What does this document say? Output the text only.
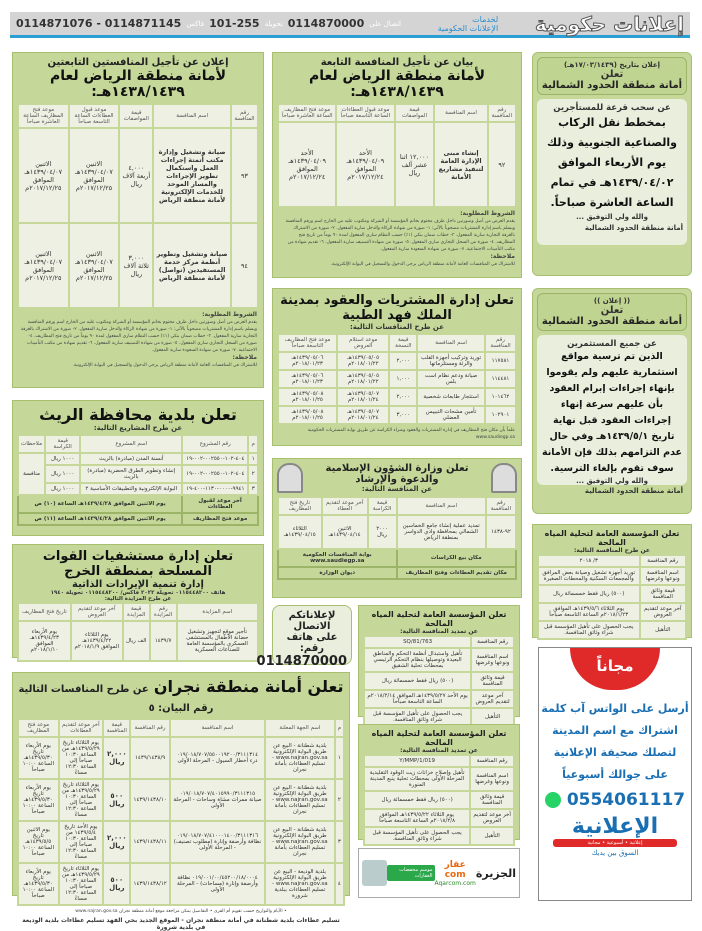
إعلانات حكومية
لخدمات
الإعلانات الحكومية
0114871076 - 0114871145 فاكس 101-255 تحويلة 0114870000 اتصال على
إعلان بتاريخ (١٧/٠٣/١٤٣٩هـ)
تعلن
أمانة منطقة الحدود الشمالية
عن سحب قرعة للمستأجرين
بمخطط نقل الركاب والصناعية الجنوبية وذلك يوم الأربعاء الموافق ١٤٣٩/٠٤/٠٢هـ في تمام الساعة العاشرة صباحاً.
والله ولي التوفيق ...
أمانة منطقة الحدود الشمالية
(( إعلان ))
تعلن
أمانة منطقة الحدود الشمالية
عن جميع المستثمرين
الذين تم ترسية مواقع استثمارية عليهم ولم يقوموا بإنهاء إجراءات إبرام العقود بأن عليهم سرعة إنهاء إجراءات العقود قبل نهاية تاريخ ١٤٣٩/٥/١هـ وفي حال عدم التزامهم بذلك فإن الأمانة سوف تقوم بإلغاء الترسية.
والله ولي التوفيق ...
أمانة منطقة الحدود الشمالية
بيان عن تأجيل المنافسة التابعة
لأمانة منطقة الرياض لعام ١٤٣٨/١٤٣٩هـ:
رقم المنافسة	اسم المنافسة	قيمة المواصفات	موعد قبول العطاءات الساعة التاسعة صباحاً	موعد فتح المظاريف الساعة العاشرة صباحاً
٩٢	إنشاء مبنى الإدارة العامة لتنفيذ مشاريع الأمانة	١٢,٠٠٠ اثنا عشر ألف ريال	الأحد ١٤٣٩/٠٤/٠٩هـ الموافق ٢٠١٧/١٢/٢٤م	الأحد ١٤٣٩/٠٤/٠٩هـ الموافق ٢٠١٧/١٢/٢٤م
الشروط المطلوبة:
يقدم العرض من أصل وصورتين داخل ظرف مختوم بخاتم المؤسسة أو الشركة ومكتوب عليه من الخارج اسم ورقم المنافسة ويسلم باسم إدارة المشتريات مصحوباً بالآتي: ١- صورة من شهادة الزكاة والدخل سارية المفعول. ٢- صورة من الاشتراك بالغرفة التجارية سارية المفعول. ٣- خطاب ضمان بنكي (١٪) حسب النظام ساري المفعول لمدة ٩٠ يوماً من تاريخ فتح المظاريف. ٤- صورة من السجل التجاري ساري المفعول. ٥- صورة من شهادة التصنيف سارية المفعول. ٦- تقديم شهادة من مكتب التأمينات الاجتماعية. ٧- صورة من شهادة السعودة سارية المفعول.
ملاحظة:
للاشتراك في المنافسات العامة لأمانة منطقة الرياض يرجى الدخول والتسجيل في البوابة الإلكترونية.
إعلان عن تأجيل المنافستين التابعتين
لأمانة منطقة الرياض لعام ١٤٣٨/١٤٣٩هـ:
رقم المنافسة	اسم المنافسة	قيمة المواصفات	موعد قبول العطاءات الساعة التاسعة صباحاً	موعد فتح المظاريف الساعة العاشرة صباحاً
٩٣	صيانة وتشغيل وإدارة مكتب أتمتة إجراءات العمل واستكمال تطوير الإجراءات والمسار الموحد للخدمات الإلكترونية لأمانة منطقة الرياض	٤,٠٠٠ أربعة آلاف ريال	الاثنين ١٤٣٩/٠٤/٠٧هـ الموافق ٢٠١٧/١٢/٢٥م	الاثنين ١٤٣٩/٠٤/٠٧هـ الموافق ٢٠١٧/١٢/٢٥م
٩٤	صيانة وتشغيل وتطوير أنظمة مركز خدمة المستفيدين (تواصل) لأمانة منطقة الرياض	٣,٠٠٠ ثلاثة آلاف ريال	الاثنين ١٤٣٩/٠٤/٠٧هـ الموافق ٢٠١٧/١٢/٢٥م	الاثنين ١٤٣٩/٠٤/٠٧هـ الموافق ٢٠١٧/١٢/٢٥م
الشروط المطلوبة:
يقدم العرض من أصل وصورتين داخل ظرف مختوم بخاتم المؤسسة أو الشركة ومكتوب عليه من الخارج اسم ورقم المنافسة ويسلم باسم إدارة المشتريات مصحوباً بالآتي: ١- صورة من شهادة الزكاة والدخل سارية المفعول. ٢- صورة من الاشتراك بالغرفة التجارية سارية المفعول. ٣- خطاب ضمان بنكي (١٪) حسب النظام ساري المفعول لمدة ٩٠ يوماً من تاريخ فتح المظاريف. ٤- صورة من السجل التجاري ساري المفعول. ٥- صورة من شهادة التصنيف سارية المفعول. ٦- تقديم شهادة من مكتب التأمينات الاجتماعية. ٧- صورة من شهادة السعودة سارية المفعول.
ملاحظة:
للاشتراك في المنافسات العامة لأمانة منطقة الرياض يرجى الدخول والتسجيل في البوابة الإلكترونية.
تعلن إدارة المشتريات والعقود بمدينة الملك فهد الطبية
عن طرح المنافسات التالية:
رقم المنافسة	اسم المنافسة	قيمة النسخة	موعد استلام العروض	موعد فتح المظاريف التاسعة صباحاً
١١٧٥٨١	توريد وتركيب أجهزة القلب والرئة ومستلزماتها	٢,٠٠٠	١٤٣٩/٠٥/٠٥هـ ٢٠١٨/٠١/٢٢م	١٤٣٩/٠٥/٠٦هـ ٢٠١٨/٠١/٢٣م
١١٤٤٨١	صيانة ودعم نظام است بلس	١,٠٠٠	١٤٣٩/٠٥/٠٥هـ ٢٠١٨/٠١/٢٢م	١٤٣٩/٠٥/٠٦هـ ٢٠١٨/٠١/٢٣م
١٠١٤٦٢	استئجار طابعات شخصية	٢,٠٠٠	١٤٣٩/٠٥/٠٧هـ ٢٠١٨/٠١/٢٤م	١٤٣٩/٠٥/٠٨هـ ٢٠١٨/٠١/٢٥م
١٠٢٩٠١	تأمين مشحات التبييس العضلي	٣,٠٠٠	١٤٣٩/٠٥/٠٧هـ ٢٠١٨/٠١/٢٤م	١٤٣٩/٠٥/٠٨هـ ٢٠١٨/٠١/٢٥م
علماً بأن مكان فتح المظاريف في إدارة المشتريات والعقود وشراء الكراسة عن طريق بوابة المشتريات الحكومية www.saudiegp.sa
تعلن بلدية محافظة الريث
عن طرح المشاريع التالية:
م	رقم المشروع	اسم المشروع	قيمة الكراسة	ملاحظات
١	٤٠٤-١٠٢-٠٠٢٥٥٠-٠٠٢-١٩	أنسنة المدن (مبادرة) بالريث	١٠٠٠ ريال	منافسة
٢	٤٠٤-١٠٢-٠٠٢٥٥٠-٠٠٢-١٩	إنشاء وتطوير الطرق الحضرية (مبادرة) بالريث	١٠٠٠ ريال	
٣	٩٩٤١-٠٠٠٠-١١٣٠-٤٠٠-١٩	البوابة الإلكترونية والتطبيقات الأساسية ٢	١٠٠٠ ريال	
آخر موعد لقبول العطاءات		يوم الاثنين الموافق ١٤٣٩/٤/٢٨هـ الساعة (١٠) ص		
موعد فتح المظاريف		يوم الاثنين الموافق ١٤٣٩/٤/٢٨هـ الساعة (١١) ص		
تعلن وزارة الشؤون الإسلامية
والدعوة والإرشاد
عن المنافسة التالية:
رقم المنافسة	اسم المنافسة	قيمة الكراسة	آخر موعد لتقديم العطاء	تاريخ فتح المظاريف
٩٢-١٤٣٨	تمديد عملية إنشاء جامع الخماسين الشمالي بمحافظة وادي الدواسر بمنطقة الرياض	٢٠٠٠ ريال	الاثنين ١٤٣٩/٠٤/١٤هـ	الثلاثاء ١٤٣٩/٠٤/١٥هـ
مكان بيع الكراسات		بوابة المنافسات الحكومية www.saudiegp.sa		
مكان تقديم العطاءات وفتح المظاريف		ديوان الوزارة		
تعلن إدارة مستشفيات القوات المسلحة بمنطقة الخرج
إدارة تنمية الإيرادات الذاتية
هاتف ٠١١٥٤٤٨٢٠٠ تحويلة ٢٠٢٢ فاكس/ ٠١١٥٤٤٨٢٠٠ تحويلة ١٩٤٠
عن طرح المزايدة التالية:
اسم المزايدة	رقم المزايدة	قيمة المزايدة	آخر موعد لتقديم العروض	تاريخ فتح المظاريف
تأجير موقع لتجهيز وتشغيل حضانة الأطفال بالمستشفى العسكري بالمؤسسة العامة للصناعات العسكرية	١٤٣٩/٧	الف ريال	يوم الثلاثاء ١٤٣٩/٤/٢٢هـ الموافق ٢٠١٨/١/٩م	يوم الأربعاء ١٤٣٩/٤/٢٣هـ الموافق ٢٠١٨/١/١٠م
لإعلاناتكم الاتصال
على هاتف رقم:
0114870000
تعلن المؤسسة العامة لتحلية المياه المالحة
عن تمديد المنافسة التالية:
رقم المنافسة	SQ/81/763
اسم المنافسة ونوعها وغرضها	تأهيل واستبدال أنظمة التحكم والمناطق البعيدة وتوصيلها بنظام التحكم الرئيسي بمحطات تحلية الشقيق
قيمة وثائق المنافسة	(٥٠٠) ريال فقط خمسمائة ريال
آخر موعد لتقديم العروض	يوم الأحد ١٤٣٩/٥/٢٧هـ الموافق ٢٠١٨/٢/١٤م الساعة التاسعة صباحاً
التأهيل	يجب الحصول على تأهيل المؤسسة قبل شراء وثائق المنافسة.
تعلن المؤسسة العامة لتحلية المياه المالحة
عن تمديد المنافسة التالية:
رقم المنافسة	Y/MMP/1/019
اسم المنافسة ونوعها وغرضها	تأهيل وإصلاح خزانات زيت الوقود التقليدية المرحلة الأولى بمحطات تحلية ينبع المدينة المنورة
قيمة وثائق المنافسة	(٥٠٠) ريال فقط خمسمائة ريال
آخر موعد لتقديم العروض	يوم الثلاثاء ١٤٣٩/٥/٢٢هـ الموافق ٢٠١٨/٢/٨م الساعة التاسعة صباحاً
التأهيل	يجب الحصول على تأهيل المؤسسة قبل شراء وثائق المنافسة.
تعلن المؤسسة العامة لتحلية المياه المالحة
عن طرح المنافسة التالية:
رقم المنافسة	٣/ ٢٠١٨
اسم المنافسة ونوعها وغرضها	توريد أجهزة تشغيل وصيانة بعض المرافق والمجمعات السكنية والمحطات الصغيرة
قيمة وثائق المنافسة	(٥٠٠) ريال فقط خمسمائة ريال
آخر موعد لتقديم العروض	يوم الثلاثاء ١٤٣٩/٥/٦هـ الموافق ٢٠١٨/١/٢٣م الساعة التاسعة صباحاً
التأهيل	يجب الحصول على تأهيل المؤسسة قبل شراء وثائق المنافسة.
تعلن أمانة منطقة نجران عن طرح المنافسات التالية رقم البيان: ٥
م	اسم الجهة المعلنة	اسم المنافسة	رقم المنافسة	قيمة المنافسة	آخر موعد لتقديم العطاءات	موعد فتح المظاريف
١	بلدية شطنانة - البيع عن طريق البوابة الإلكترونية www.najran.gov.sa - تسليم العطاءات بأمانة نجران	٠١٩/٠١٨/٧٠٧/٥٥٠٠١٩٢٠٠/٣١١١٣١٤ درء أخطار السيول - المرحلة الأولى	١٤٣٩/١٤٣٨/٩	٢,٠٠٠ ريال	يوم الثلاثاء تاريخ ١٤٣٩/٥/٢٩هـ من الساعة ١٠:٣٠ صباحاً إلى الساعة ١٢:٣٠ مساءً	يوم الأربعاء تاريخ ١٤٣٩/٥/٣٠هـ الساعة ١٠:٠٠ صباحاً
٢	بلدية شطنانة - البيع عن طريق البوابة الإلكترونية www.najran.gov.sa - تسليم العطاءات بأمانة نجران	٠١٩/٠١٨/٧٠٧/٤٠١٥٩٩٠/٣١١١٣١٥ صيانة ممرات مشاة وساحات - المرحلة الأولى	١٤٣٩/١٤٣٨/١٠	٥٠٠ ريال	يوم الثلاثاء تاريخ ١٤٣٩/٥/٢٩هـ من الساعة ١٠:٣٠ صباحاً إلى الساعة ١٢:٣٠ مساءً	يوم الأربعاء تاريخ ١٤٣٩/٥/٣٠هـ الساعة ١٠:٠٠ صباحاً
٣	بلدية شطنانة - البيع عن طريق البوابة الإلكترونية www.najran.gov.sa - تسليم العطاءات بأمانة نجران	٠١٩/٠١٨/٧٠٧/٤١٠٠٠١٤٠٠/٣١١١٣١٦ نظافة وأرصفة وإنارة (مطلوب تصنيف) - المرحلة الأولى	١٤٣٩/١٤٣٨/١١	٢,٠٠٠ ريال	يوم الأحد تاريخ ١٤٣٩/٥/٤ من الساعة ١٠:٣٠ صباحاً إلى الساعة ١٢:٣٠ مساءً	يوم الاثنين تاريخ ١٤٣٩/٥/٥هـ الساعة ١٠:٠٠ صباحاً
٤	بلدية الوديعة - البيع عن طريق البوابة الإلكترونية www.najran.gov.sa - تسليم العطاءات ببلدية شرورة	٠١٩/٠٠١/٠٠/٤٥٢٠٠/١٨/٠٠٠٤ نظافة وأرصفة وإنارة (مساحات) - المرحلة الأولى	١٤٣٩/١٤٣٨/١٢	٥٠٠ ريال	يوم الثلاثاء تاريخ ١٤٣٩/٥/٢٩هـ من الساعة ١٠:٣٠ صباحاً إلى الساعة ١٢:٣٠ مساءً	يوم الأربعاء تاريخ ١٤٣٩/٥/٣٠هـ الساعة ١٠:٠٠ صباحاً
• الأيام والتواريخ حسب تقويم أم القرى • التفاصيل يمكن مراجعة موقع أمانة منطقة نجران www.najran.gov.sa
تسليم عطاءات بلدية شطنانة في أمانة منطقة نجران - الموقع الجديد بحي الفهد تسليم عطاءات بلدية الوديعة في بلدية شرورة
مجاناً
أرسل على الواتس آب كلمة
اشتراك مع اسم المدينة
لتصلك صحيفة الإعلانية
على جوالك أسبوعياً
0554061117
الإعلانية
إعلانية • أسبوعية • مجانية
السوق بين يديك
الجزيرة
عقار com
Aqarcom.com
موسم مخفضات العقارات
